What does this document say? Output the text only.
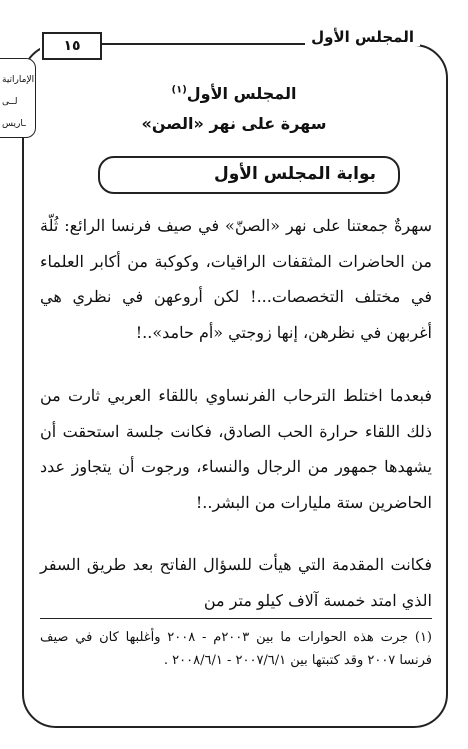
١٥	المجلس الأول
الإماراتية
لــى
ـاريس
المجلس الأول$^{(١)}$
سهرة على نهر «الصن»
بوابة المجلس الأول

سهرةٌ جمعتنا على نهر «الصنّ» في صيف فرنسا الرائع: ثُلّة من الحاضرات المثقفات الراقيات، وكوكبة من أكابر العلماء في مختلف التخصصات...! لكن أروعهن في نظري هي أغربهن في نظرهن، إنها زوجتي «أم حامد»..!

فبعدما اختلط الترحاب الفرنساوي باللقاء العربي ثارت من ذلك اللقاء حرارة الحب الصادق، فكانت جلسة استحقت أن يشهدها جمهور من الرجال والنساء، ورجوت أن يتجاوز عدد الحاضرين ستة مليارات من البشر..!

فكانت المقدمة التي هيأت للسؤال الفاتح بعد طريق السفر الذي امتد خمسة آلاف كيلو متر من

(١) جرت هذه الحوارات ما بين ٢٠٠٣م - ٢٠٠٨ وأغلبها كان في صيف فرنسا ٢٠٠٧ وقد كتبتها بين ٢٠٠٧/٦/١ - ٢٠٠٨/٦/١ .
